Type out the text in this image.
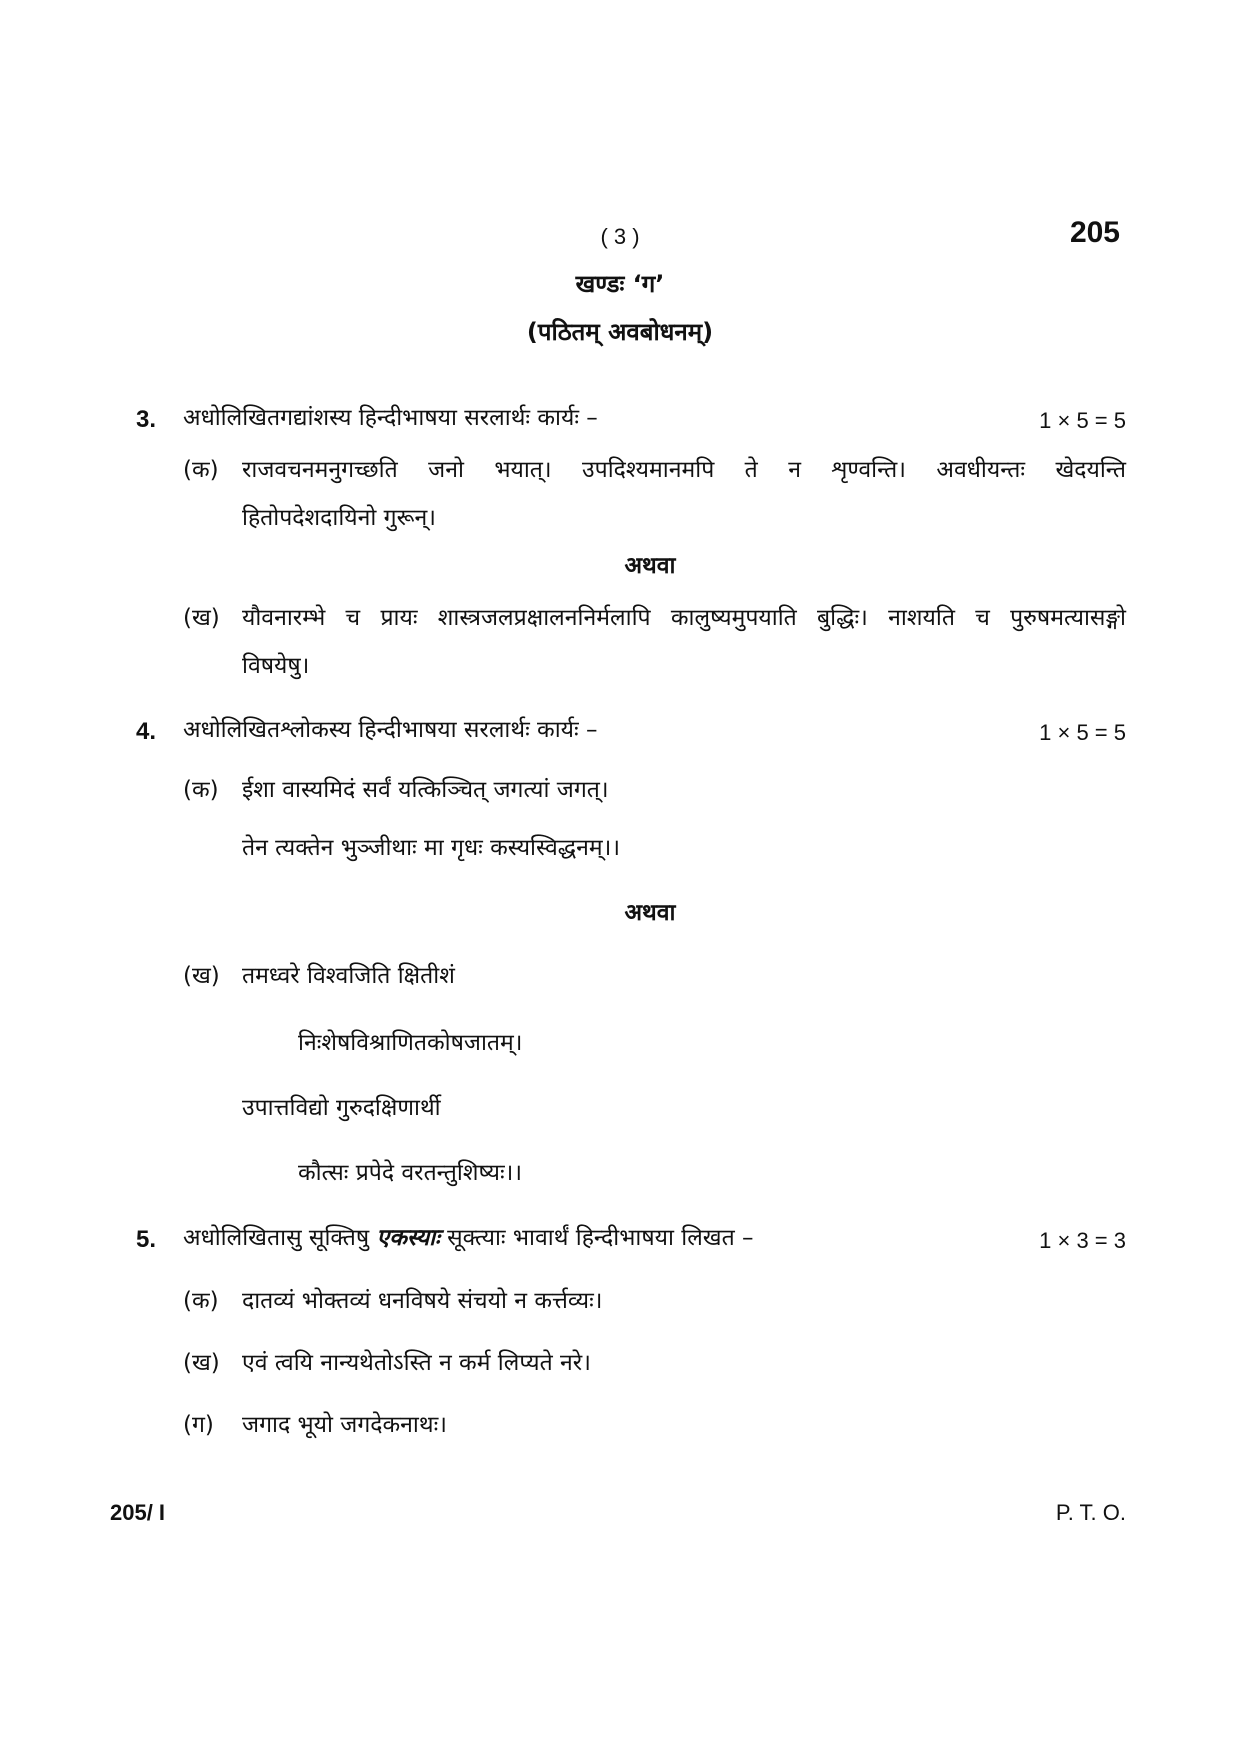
( 3 )	205
खण्डः ‘ग’
(पठितम् अवबोधनम्)
3. अधोलिखितगद्यांशस्य हिन्दीभाषया सरलार्थः कार्यः –	1 × 5 = 5
(क) राजवचनमनुगच्छति जनो भयात्। उपदिश्यमानमपि ते न शृण्वन्ति। अवधीयन्तः खेदयन्ति
हितोपदेशदायिनो गुरून्।
अथवा
(ख) यौवनारम्भे च प्रायः शास्त्रजलप्रक्षालननिर्मलापि कालुष्यमुपयाति बुद्धिः। नाशयति च पुरुषमत्यासङ्गो
विषयेषु।
4. अधोलिखितश्लोकस्य हिन्दीभाषया सरलार्थः कार्यः –	1 × 5 = 5
(क) ईशा वास्यमिदं सर्वं यत्किञ्चित् जगत्यां जगत्।
तेन त्यक्तेन भुञ्जीथाः मा गृधः कस्यस्विद्धनम्।।
अथवा
(ख) तमध्वरे विश्वजिति क्षितीशं
निःशेषविश्राणितकोषजातम्।
उपात्तविद्यो गुरुदक्षिणार्थी
कौत्सः प्रपेदे वरतन्तुशिष्यः।।
5. अधोलिखितासु सूक्तिषु एकस्याः सूक्त्याः भावार्थं हिन्दीभाषया लिखत –	1 × 3 = 3
(क) दातव्यं भोक्तव्यं धनविषये संचयो न कर्त्तव्यः।
(ख) एवं त्वयि नान्यथेतोऽस्ति न कर्म लिप्यते नरे।
(ग) जगाद भूयो जगदेकनाथः।
205/ I	P. T. O.
